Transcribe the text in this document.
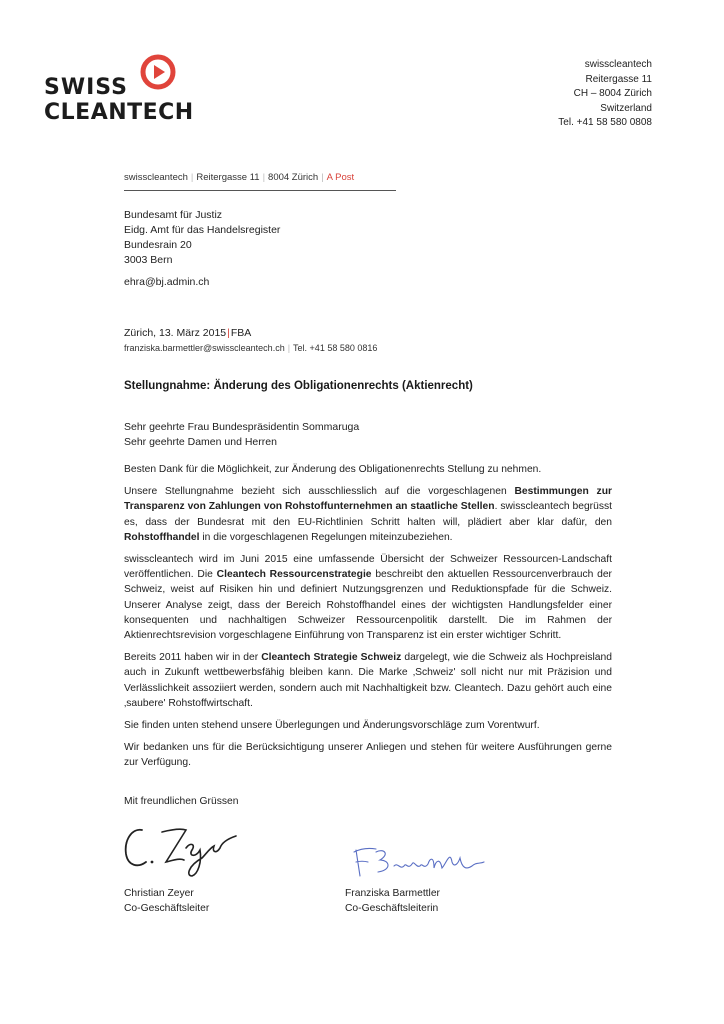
SWISS
CLEANTECH
swisscleantech
Reitergasse 11
CH – 8004 Zürich
Switzerland
Tel. +41 58 580 0808
swisscleantech | Reitergasse 11 | 8004 Zürich | A Post
Bundesamt für Justiz
Eidg. Amt für das Handelsregister
Bundesrain 20
3003 Bern
ehra@bj.admin.ch
Zürich, 13. März 2015|FBA
franziska.barmettler@swisscleantech.ch | Tel. +41 58 580 0816
Stellungnahme: Änderung des Obligationenrechts (Aktienrecht)
Sehr geehrte Frau Bundespräsidentin Sommaruga
Sehr geehrte Damen und Herren

Besten Dank für die Möglichkeit, zur Änderung des Obligationenrechts Stellung zu nehmen.

Unsere Stellungnahme bezieht sich ausschliesslich auf die vorgeschlagenen Bestimmungen zur Transparenz von Zahlungen von Rohstoffunternehmen an staatliche Stellen. swisscleantech begrüsst es, dass der Bundesrat mit den EU-Richtlinien Schritt halten will, plädiert aber klar dafür, den Rohstoffhandel in die vorgeschlagenen Regelungen miteinzubeziehen.

swisscleantech wird im Juni 2015 eine umfassende Übersicht der Schweizer Ressourcen-Landschaft veröffentlichen. Die Cleantech Ressourcenstrategie beschreibt den aktuellen Ressourcenverbrauch der Schweiz, weist auf Risiken hin und definiert Nutzungsgrenzen und Reduktionspfade für die Schweiz. Unserer Analyse zeigt, dass der Bereich Rohstoffhandel eines der wichtigsten Handlungsfelder einer konsequenten und nachhaltigen Schweizer Ressourcenpolitik darstellt. Die im Rahmen der Aktienrechtsrevision vorgeschlagene Einführung von Transparenz ist ein erster wichtiger Schritt.

Bereits 2011 haben wir in der Cleantech Strategie Schweiz dargelegt, wie die Schweiz als Hochpreisland auch in Zukunft wettbewerbsfähig bleiben kann. Die Marke ‚Schweiz' soll nicht nur mit Präzision und Verlässlichkeit assoziiert werden, sondern auch mit Nachhaltigkeit bzw. Cleantech. Dazu gehört auch eine ‚saubere' Rohstoffwirtschaft.

Sie finden unten stehend unsere Überlegungen und Änderungsvorschläge zum Vorentwurf.

Wir bedanken uns für die Berücksichtigung unserer Anliegen und stehen für weitere Ausführungen gerne zur Verfügung.

Mit freundlichen Grüssen
Christian Zeyer
Co-Geschäftsleiter
Franziska Barmettler
Co-Geschäftsleiterin
